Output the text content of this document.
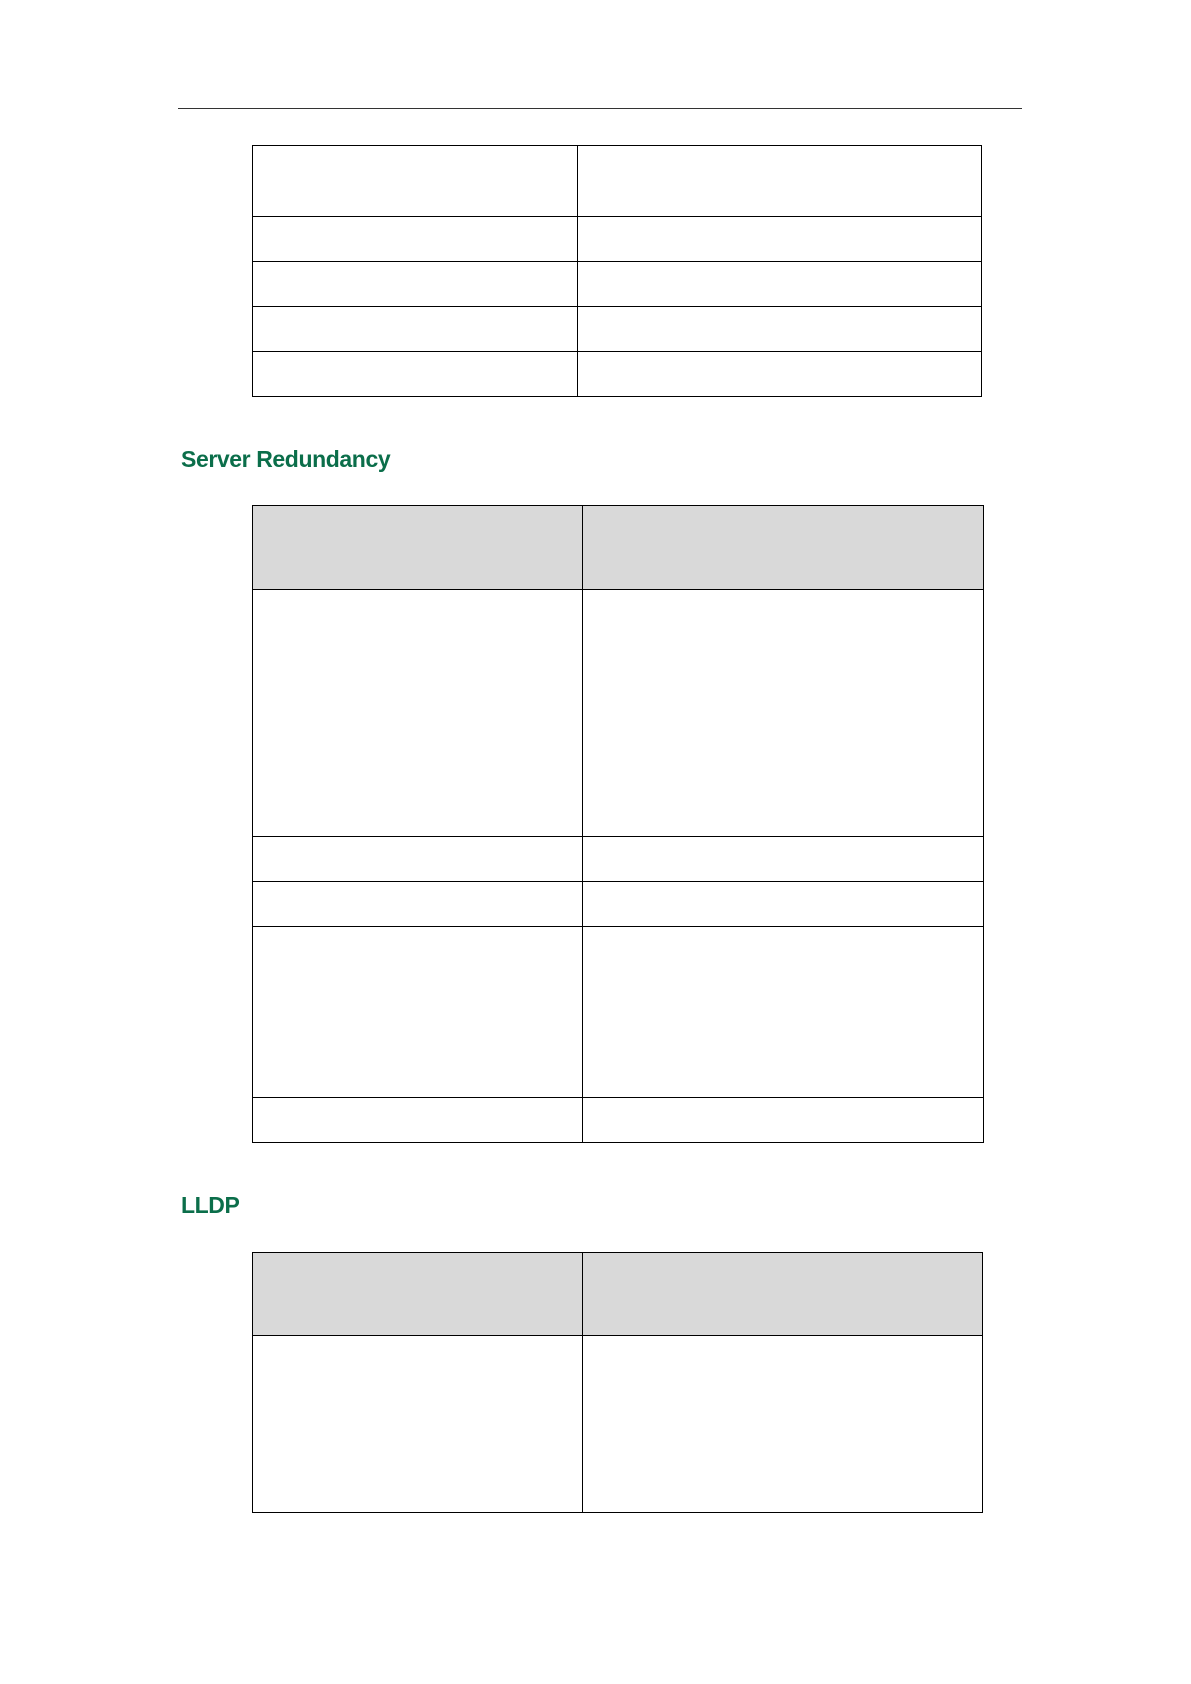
Server Redundancy

LLDP
